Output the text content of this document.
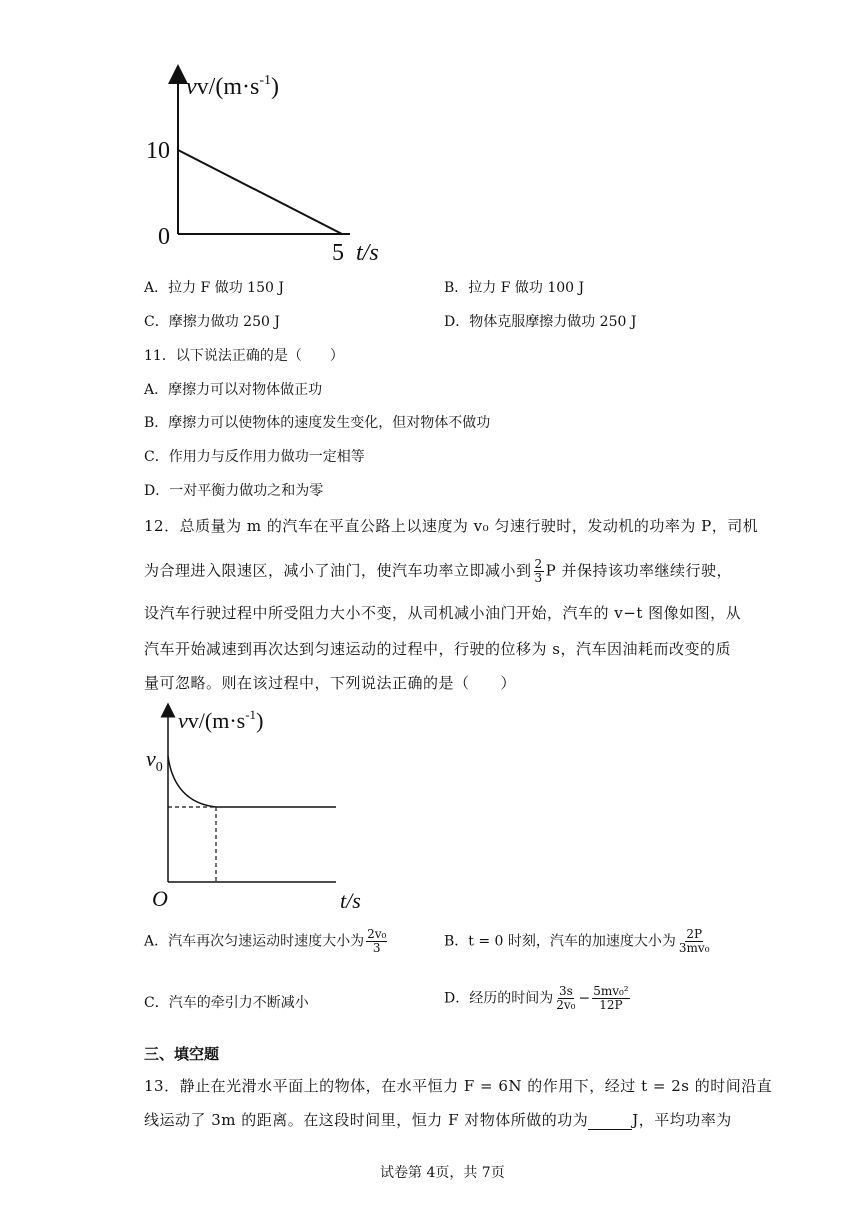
$vv/(m\cdot s^{-1})$
10
0
5 t/s
A．拉力 F 做功 150 J	B．拉力 F 做功 100 J
C．摩擦力做功 250 J	D．物体克服摩擦力做功 250 J
11．以下说法正确的是（　　）
A．摩擦力可以对物体做正功
B．摩擦力可以使物体的速度发生变化，但对物体不做功
C．作用力与反作用力做功一定相等
D．一对平衡力做功之和为零
12．总质量为 m 的汽车在平直公路上以速度为 v₀ 匀速行驶时，发动机的功率为 P，司机
为合理进入限速区，减小了油门，使汽车功率立即减小到 $\frac{2}{3}$ P 并保持该功率继续行驶，
设汽车行驶过程中所受阻力大小不变，从司机减小油门开始，汽车的 v−t 图像如图，从
汽车开始减速到再次达到匀速运动的过程中，行驶的位移为 s，汽车因油耗而改变的质
量可忽略。则在该过程中，下列说法正确的是（　　）
$vv/(m\cdot s^{-1})$
$v_0$
O	t/s
A．汽车再次匀速运动时速度大小为 $\frac{\text{2v₀}}{3}$	B．t = 0 时刻，汽车的加速度大小为 $\frac{2P}{\text{3mv₀}}$
C．汽车的牵引力不断减小	D．经历的时间为 $\frac{3s}{\text{2v₀}} - \frac{\text{5mv₀²}}{12P}$
三、填空题
13．静止在光滑水平面上的物体，在水平恒力 F = 6N 的作用下，经过 t = 2s 的时间沿直
线运动了 3m 的距离。在这段时间里，恒力 F 对物体所做的功为	J，平均功率为
试卷第 4页，共 7页
